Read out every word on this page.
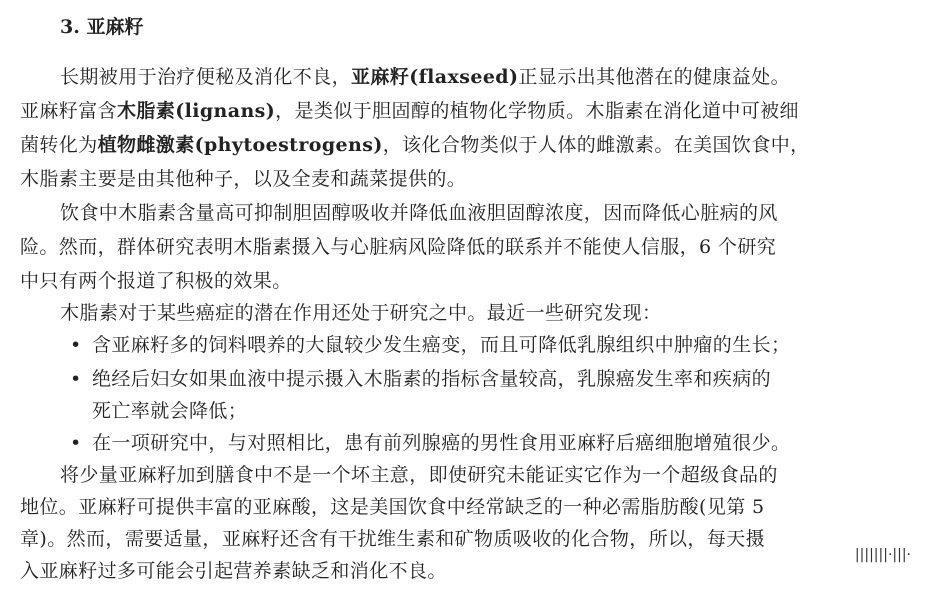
3. 亚麻籽
长期被用于治疗便秘及消化不良，亚麻籽(flaxseed)正显示出其他潜在的健康益处。
亚麻籽富含木脂素(lignans)，是类似于胆固醇的植物化学物质。木脂素在消化道中可被细
菌转化为植物雌激素(phytoestrogens)，该化合物类似于人体的雌激素。在美国饮食中，
木脂素主要是由其他种子，以及全麦和蔬菜提供的。
饮食中木脂素含量高可抑制胆固醇吸收并降低血液胆固醇浓度，因而降低心脏病的风
险。然而，群体研究表明木脂素摄入与心脏病风险降低的联系并不能使人信服，6 个研究
中只有两个报道了积极的效果。
木脂素对于某些癌症的潜在作用还处于研究之中。最近一些研究发现：
• 含亚麻籽多的饲料喂养的大鼠较少发生癌变，而且可降低乳腺组织中肿瘤的生长；
• 绝经后妇女如果血液中提示摄入木脂素的指标含量较高，乳腺癌发生率和疾病的
死亡率就会降低；
• 在一项研究中，与对照相比，患有前列腺癌的男性食用亚麻籽后癌细胞增殖很少。
将少量亚麻籽加到膳食中不是一个坏主意，即使研究未能证实它作为一个超级食品的
地位。亚麻籽可提供丰富的亚麻酸，这是美国饮食中经常缺乏的一种必需脂肪酸(见第 5
章)。然而，需要适量，亚麻籽还含有干扰维生素和矿物质吸收的化合物，所以，每天摄
入亚麻籽过多可能会引起营养素缺乏和消化不良。
|||||||·|||·
